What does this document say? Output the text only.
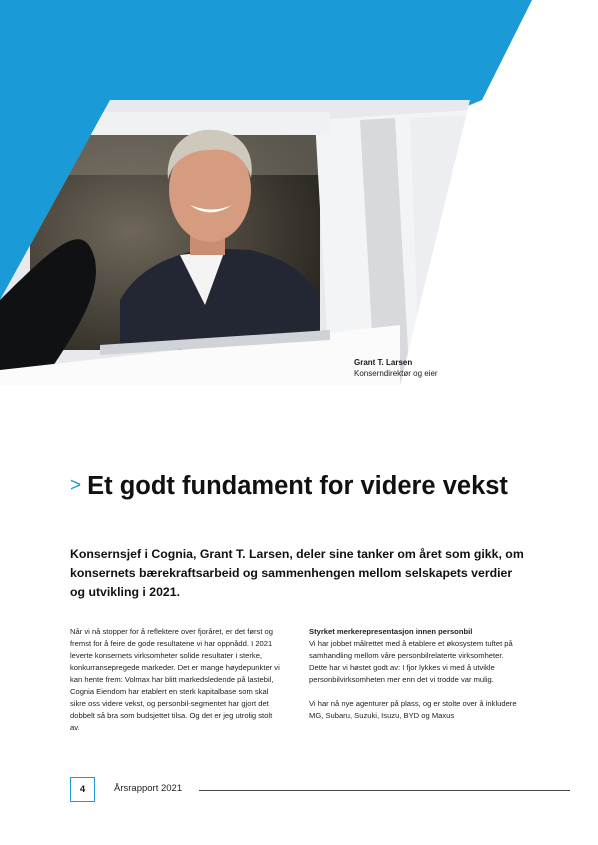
Grant T. Larsen
Konserndirektør og eier
> Et godt fundament for videre vekst
Konsernsjef i Cognia, Grant T. Larsen, deler sine tanker om året som gikk, om konsernets bærekraftsarbeid og sammenhengen mellom selskapets verdier og utvikling i 2021.

Når vi nå stopper for å reflektere over fjoråret, er det først og fremst for å feire de gode resultatene vi har oppnådd. I 2021 leverte konsernets virksomheter solide resultater i sterke, konkurransepregede markeder. Det er mange høydepunkter vi kan hente frem: Volmax har blitt markedsledende på lastebil, Cognia Eiendom har etablert en sterk kapitalbase som skal sikre oss videre vekst, og personbil-segmentet har gjort det dobbelt så bra som budsjettet tilsa. Og det er jeg utrolig stolt av.

Styrket merkerepresentasjon innen personbil
Vi har jobbet målrettet med å etablere et økosystem tuftet på samhandling mellom våre personbilrelaterte virksomheter. Dette har vi høstet godt av: I fjor lykkes vi med å utvikle personbilvirksomheten mer enn det vi trodde var mulig.

Vi har nå nye agenturer på plass, og er stolte over å inkludere MG, Subaru, Suzuki, Isuzu, BYD og Maxus

4	Årsrapport 2021
